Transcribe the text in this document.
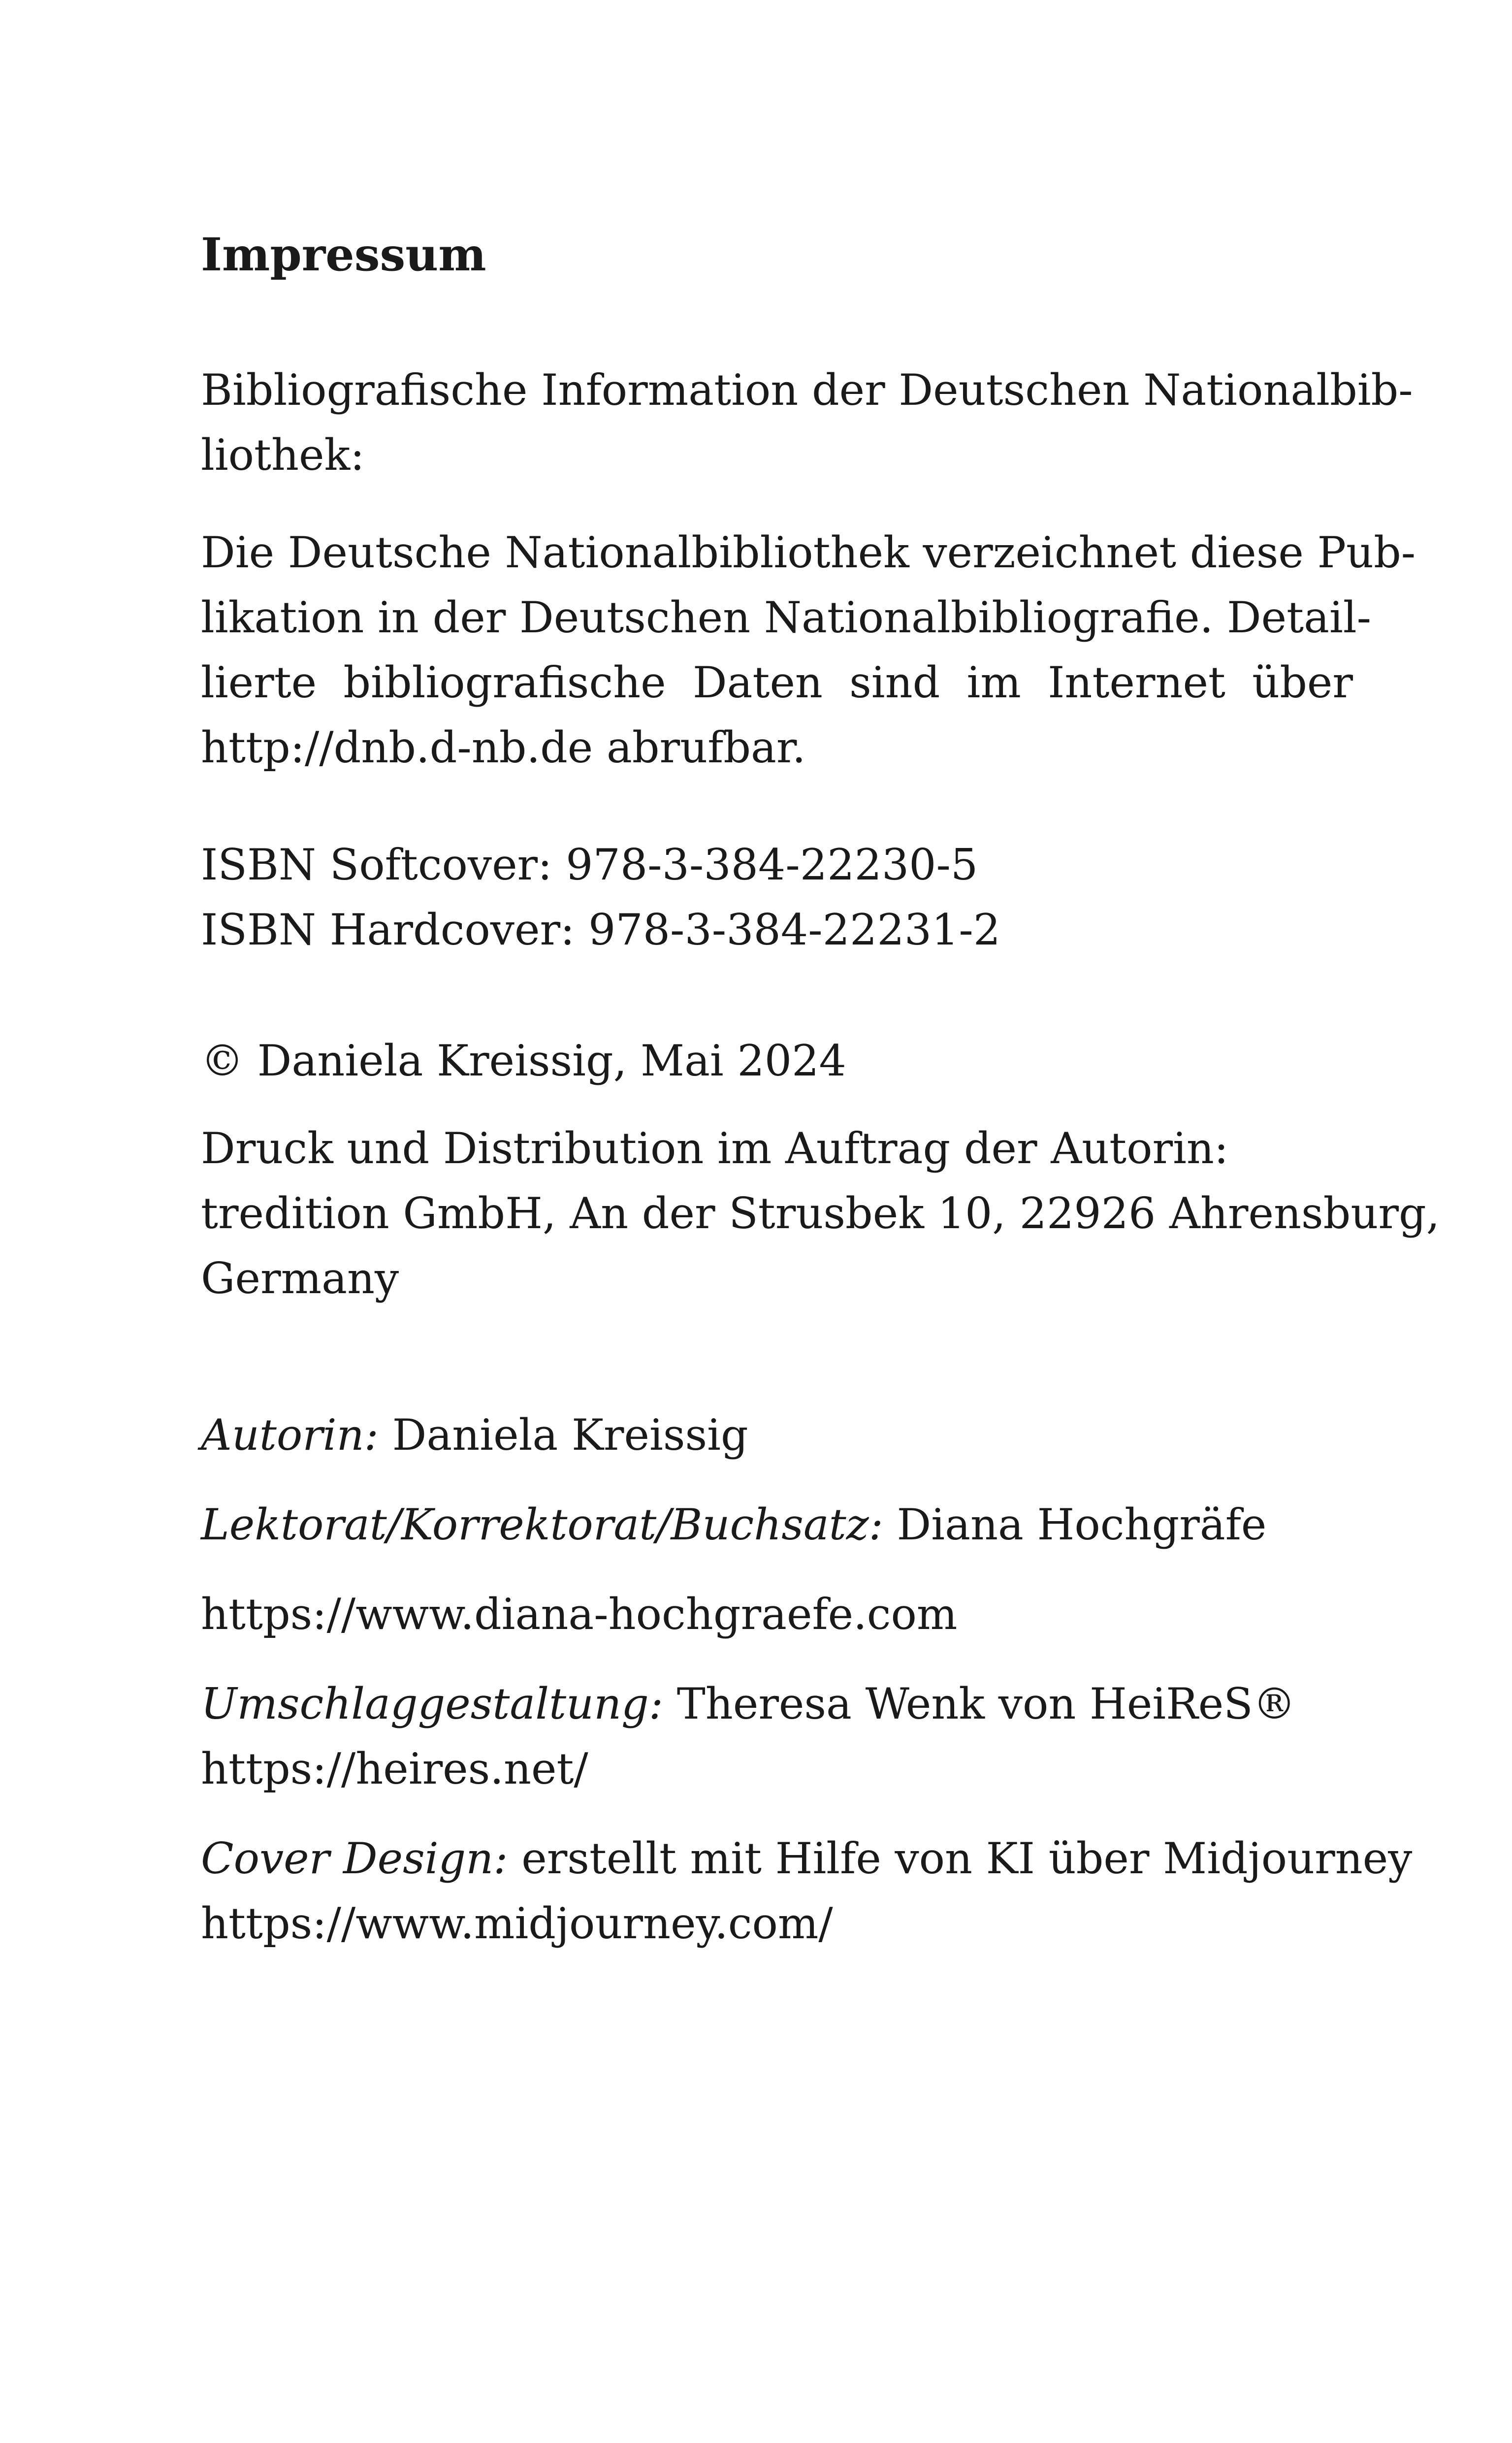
Impressum

Bibliografische Information der Deutschen Nationalbib-
liothek:

Die Deutsche Nationalbibliothek verzeichnet diese Pub-
likation in der Deutschen Nationalbibliografie. Detail-
lierte bibliografische Daten sind im Internet über
http://dnb.d-nb.de abrufbar.

ISBN Softcover: 978-3-384-22230-5
ISBN Hardcover: 978-3-384-22231-2

© Daniela Kreissig, Mai 2024

Druck und Distribution im Auftrag der Autorin:
tredition GmbH, An der Strusbek 10, 22926 Ahrensburg,
Germany

Autorin: Daniela Kreissig

Lektorat/Korrektorat/Buchsatz: Diana Hochgräfe

https://www.diana-hochgraefe.com

Umschlaggestaltung: Theresa Wenk von HeiReS®
https://heires.net/

Cover Design: erstellt mit Hilfe von KI über Midjourney
https://www.midjourney.com/
